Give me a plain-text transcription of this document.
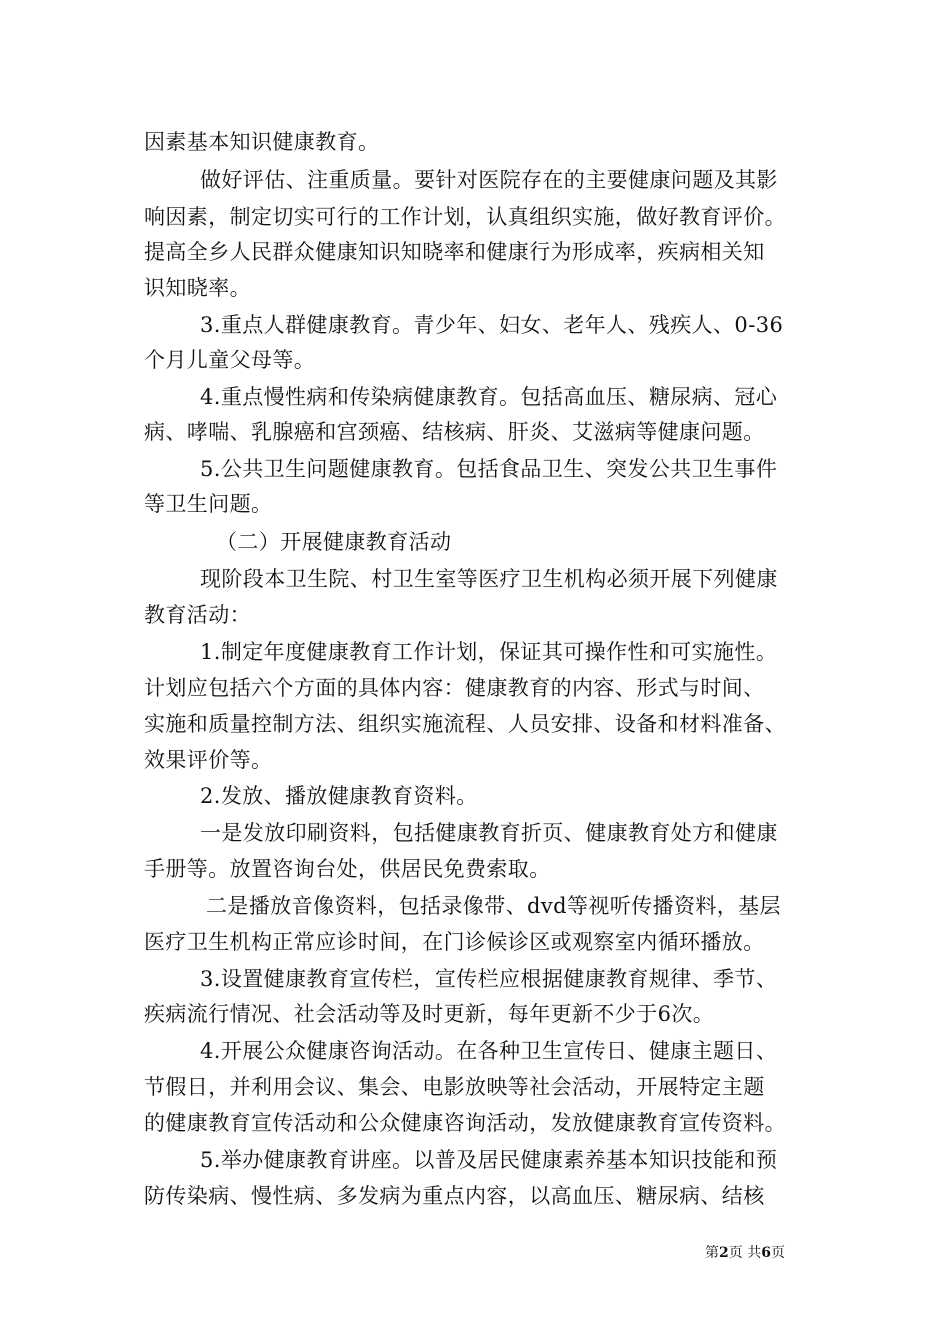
因素基本知识健康教育。
做好评估、注重质量。要针对医院存在的主要健康问题及其影
响因素，制定切实可行的工作计划，认真组织实施，做好教育评价。
提高全乡人民群众健康知识知晓率和健康行为形成率，疾病相关知
识知晓率。
3.重点人群健康教育。青少年、妇女、老年人、残疾人、0-36
个月儿童父母等。
4.重点慢性病和传染病健康教育。包括高血压、糖尿病、冠心
病、哮喘、乳腺癌和宫颈癌、结核病、肝炎、艾滋病等健康问题。
5.公共卫生问题健康教育。包括食品卫生、突发公共卫生事件
等卫生问题。
（二）开展健康教育活动
现阶段本卫生院、村卫生室等医疗卫生机构必须开展下列健康
教育活动：
1.制定年度健康教育工作计划，保证其可操作性和可实施性。
计划应包括六个方面的具体内容：健康教育的内容、形式与时间、
实施和质量控制方法、组织实施流程、人员安排、设备和材料准备、
效果评价等。
2.发放、播放健康教育资料。
一是发放印刷资料，包括健康教育折页、健康教育处方和健康
手册等。放置咨询台处，供居民免费索取。
二是播放音像资料，包括录像带、dvd等视听传播资料，基层
医疗卫生机构正常应诊时间，在门诊候诊区或观察室内循环播放。
3.设置健康教育宣传栏，宣传栏应根据健康教育规律、季节、
疾病流行情况、社会活动等及时更新，每年更新不少于6次。
4.开展公众健康咨询活动。在各种卫生宣传日、健康主题日、
节假日，并利用会议、集会、电影放映等社会活动，开展特定主题
的健康教育宣传活动和公众健康咨询活动，发放健康教育宣传资料。
5.举办健康教育讲座。以普及居民健康素养基本知识技能和预
防传染病、慢性病、多发病为重点内容，以高血压、糖尿病、结核
第2页 共6页
